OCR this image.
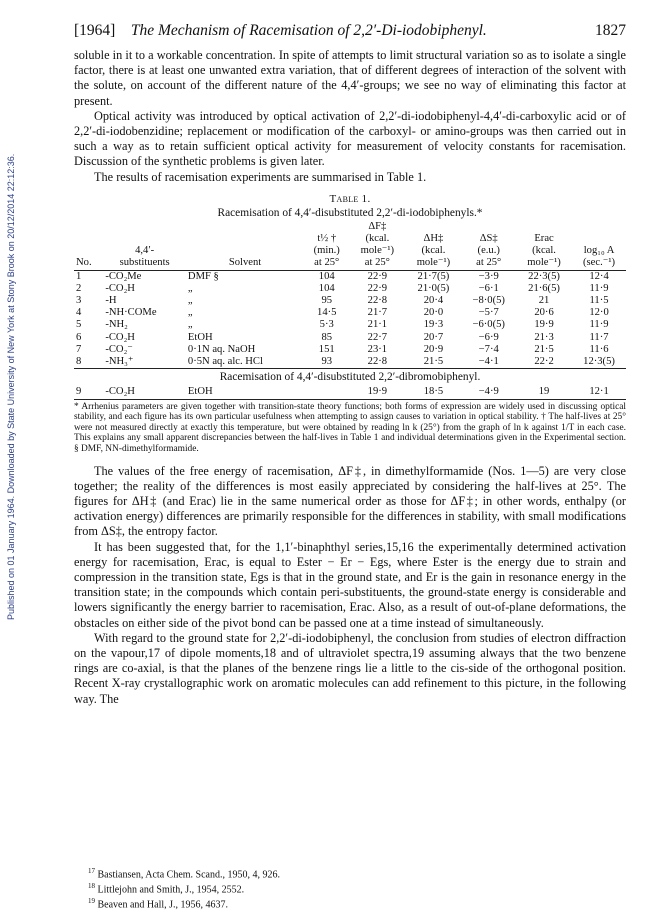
Published on 01 January 1964. Downloaded by State University of New York at Stony Brook on 20/12/2014 22:12:36.
[1964] The Mechanism of Racemisation of 2,2′-Di-iodobiphenyl.	1827

soluble in it to a workable concentration. In spite of attempts to limit structural variation so as to isolate a single factor, there is at least one unwanted extra variation, that of different degrees of interaction of the solvent with the solute, on account of the different nature of the 4,4′-groups; we see no way of eliminating this factor at present.

Optical activity was introduced by optical activation of 2,2′-di-iodobiphenyl-4,4′-di-carboxylic acid or of 2,2′-di-iodobenzidine; replacement or modification of the carboxyl- or amino-groups was then carried out in such a way as to retain sufficient optical activity for measurement of velocity constants for racemisation. Discussion of the synthetic problems is given later.

The results of racemisation experiments are summarised in Table 1.

Table 1.
Racemisation of 4,4′-disubstituted 2,2′-di-iodobiphenyls.*
				ΔF‡				
			t½ †	(kcal.	ΔH‡	ΔS‡	Erac	
	4,4′-		(min.)	mole⁻¹)	(kcal.	(e.u.)	(kcal.	log₁₀ A
No.	substituents	Solvent	at 25°	at 25°	mole⁻¹)	at 25°	mole⁻¹)	(sec.⁻¹)
1	-CO₂Me	DMF §	104	22·9	21·7(5)	−3·9	22·3(5)	12·4
2	-CO₂H	„	104	22·9	21·0(5)	−6·1	21·6(5)	11·9
3	-H	„	95	22·8	20·4	−8·0(5)	21	11·5
4	-NH·COMe	„	14·5	21·7	20·0	−5·7	20·6	12·0
5	-NH₂	„	5·3	21·1	19·3	−6·0(5)	19·9	11·9
6	-CO₂H	EtOH	85	22·7	20·7	−6·9	21·3	11·7
7	-CO₂⁻	0·1N aq. NaOH	151	23·1	20·9	−7·4	21·5	11·6
8	-NH₃⁺	0·5N aq. alc. HCl	93	22·8	21·5	−4·1	22·2	12·3(5)
Racemisation of 4,4′-disubstituted 2,2′-dibromobiphenyl.								
9	-CO₂H	EtOH		19·9	18·5	−4·9	19	12·1
* Arrhenius parameters are given together with transition-state theory functions; both forms of expression are widely used in discussing optical stability, and each figure has its own particular usefulness when attempting to assign causes to variation in optical stability. † The half-lives at 25° were not measured directly at exactly this temperature, but were obtained by reading ln k (25°) from the graph of ln k against 1/T in each case. This explains any small apparent discrepancies between the half-lives in Table 1 and individual determinations given in the Experimental section. § DMF, NN-dimethylformamide.

The values of the free energy of racemisation, ΔF‡, in dimethylformamide (Nos. 1—5) are very close together; the reality of the differences is most easily appreciated by considering the half-lives at 25°. The figures for ΔH‡ (and Erac) lie in the same numerical order as those for ΔF‡; in other words, enthalpy (or activation energy) differences are primarily responsible for the differences in stability, with small modifications from ΔS‡, the entropy factor.

It has been suggested that, for the 1,1′-binaphthyl series,15,16 the experimentally determined activation energy for racemisation, Erac, is equal to Ester − Er − Egs, where Ester is the energy due to strain and compression in the transition state, Egs is that in the ground state, and Er is the gain in resonance energy in the transition state; in the compounds which contain peri-substituents, the ground-state energy is considerable and lowers significantly the energy barrier to racemisation, Erac. Also, as a result of out-of-plane deformations, the obstacles on either side of the pivot bond can be passed one at a time instead of simultaneously.

With regard to the ground state for 2,2′-di-iodobiphenyl, the conclusion from studies of electron diffraction on the vapour,17 of dipole moments,18 and of ultraviolet spectra,19 assuming always that the two benzene rings are co-axial, is that the planes of the benzene rings lie a little to the cis-side of the orthogonal position. Recent X-ray crystallographic work on aromatic molecules can add refinement to this picture, in the following way. The

$^{17}$ Bastiansen, Acta Chem. Scand., 1950, 4, 926.
$^{18}$ Littlejohn and Smith, J., 1954, 2552.
$^{19}$ Beaven and Hall, J., 1956, 4637.
